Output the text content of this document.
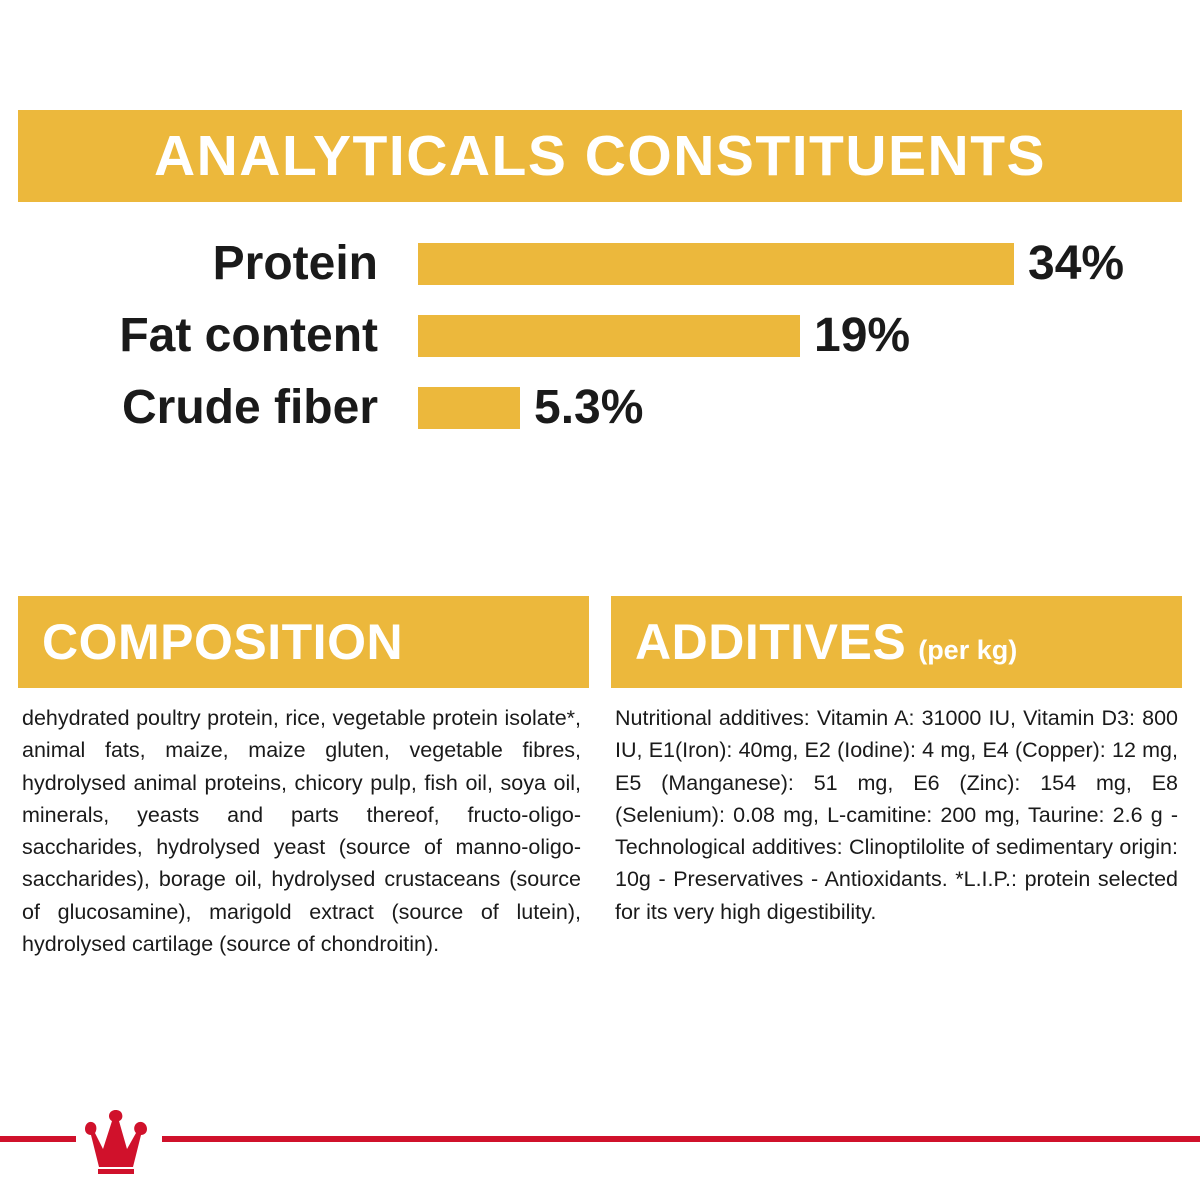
ANALYTICALS CONSTITUENTS
Protein	34%
Fat content	19%
Crude fiber	5.3%
COMPOSITION
dehydrated poultry protein, rice, vegetable protein isolate*, animal fats, maize, maize gluten, vegetable fibres, hydrolysed animal proteins, chicory pulp, fish oil, soya oil, minerals, yeasts and parts thereof, fructo-oligo-saccharides, hydrolysed yeast (source of manno-oligo-saccharides), borage oil, hydrolysed crustaceans (source of glucosamine), marigold extract (source of lutein), hydrolysed cartilage (source of chondroitin).
ADDITIVES (per kg)
Nutritional additives: Vitamin A: 31000 IU, Vitamin D3: 800 IU, E1(Iron): 40mg, E2 (Iodine): 4 mg, E4 (Copper): 12 mg, E5 (Manganese): 51 mg, E6 (Zinc): 154 mg, E8 (Selenium): 0.08 mg, L-camitine: 200 mg, Taurine: 2.6 g - Technological additives: Clinoptilolite of sedimentary origin: 10g - Preservatives - Antioxidants. *L.I.P.: protein selected for its very high digestibility.
